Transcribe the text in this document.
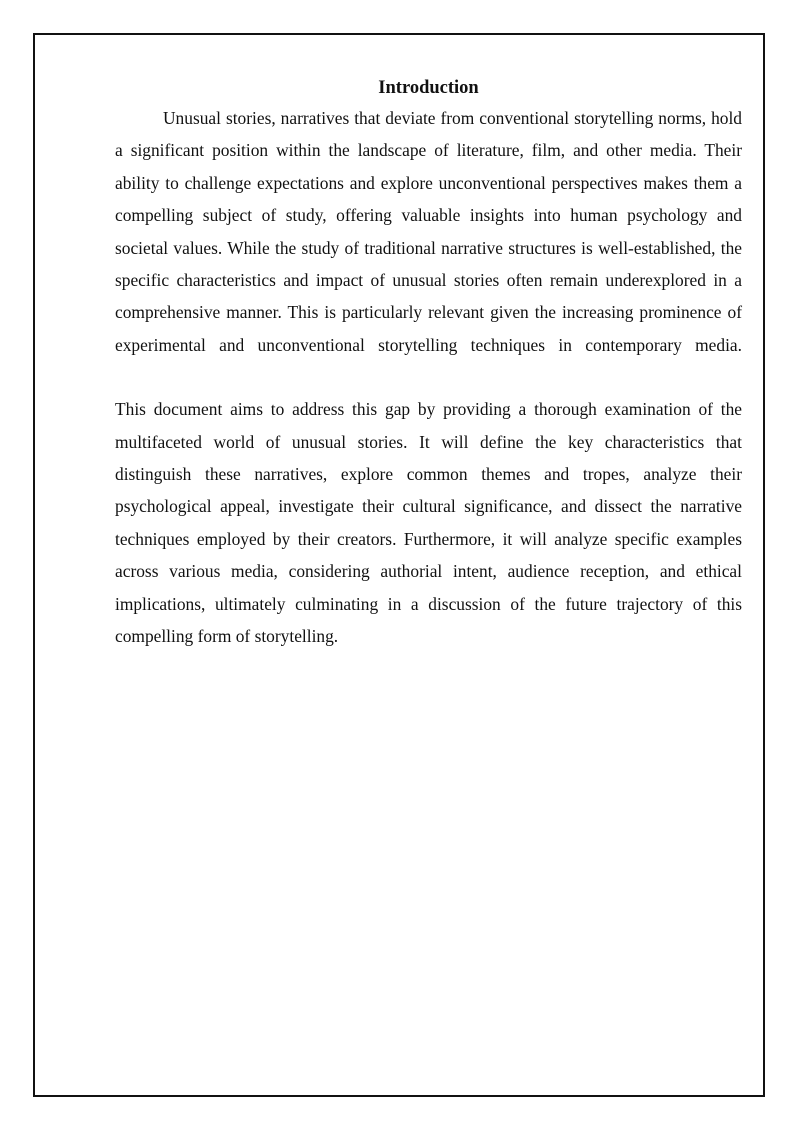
Introduction

Unusual stories, narratives that deviate from conventional storytelling norms, hold a significant position within the landscape of literature, film, and other media. Their ability to challenge expectations and explore unconventional perspectives makes them a compelling subject of study, offering valuable insights into human psychology and societal values. While the study of traditional narrative structures is well-established, the specific characteristics and impact of unusual stories often remain underexplored in a comprehensive manner. This is particularly relevant given the increasing prominence of experimental and unconventional storytelling techniques in contemporary media.

This document aims to address this gap by providing a thorough examination of the multifaceted world of unusual stories. It will define the key characteristics that distinguish these narratives, explore common themes and tropes, analyze their psychological appeal, investigate their cultural significance, and dissect the narrative techniques employed by their creators. Furthermore, it will analyze specific examples across various media, considering authorial intent, audience reception, and ethical implications, ultimately culminating in a discussion of the future trajectory of this compelling form of storytelling.
